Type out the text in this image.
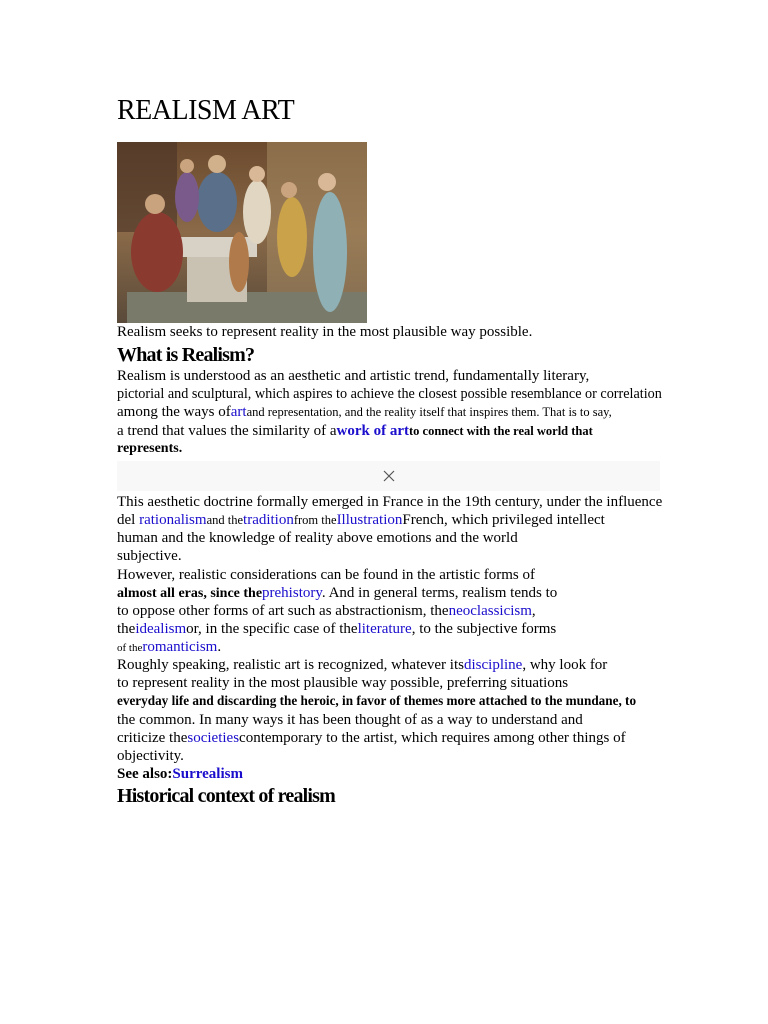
REALISM ART
Realism seeks to represent reality in the most plausible way possible.
What is Realism?
Realism is understood as an aesthetic and artistic trend, fundamentally literary,
pictorial and sculptural, which aspires to achieve the closest possible resemblance or correlation
among the ways ofartand representation, and the reality itself that inspires them. That is to say,
a trend that values the similarity of awork of artto connect with the real world that
represents.
This aesthetic doctrine formally emerged in France in the 19th century, under the influence
del rationalismand thetraditionfrom theIllustrationFrench, which privileged intellect
human and the knowledge of reality above emotions and the world
subjective.
However, realistic considerations can be found in the artistic forms of
almost all eras, since theprehistory. And in general terms, realism tends to
to oppose other forms of art such as abstractionism, theneoclassicism,
theidealismor, in the specific case of theliterature, to the subjective forms
of theromanticism.
Roughly speaking, realistic art is recognized, whatever itsdiscipline, why look for
to represent reality in the most plausible way possible, preferring situations
everyday life and discarding the heroic, in favor of themes more attached to the mundane, to
the common. In many ways it has been thought of as a way to understand and
criticize thesocietiescontemporary to the artist, which requires among other things of
objectivity.
See also:Surrealism
Historical context of realism
